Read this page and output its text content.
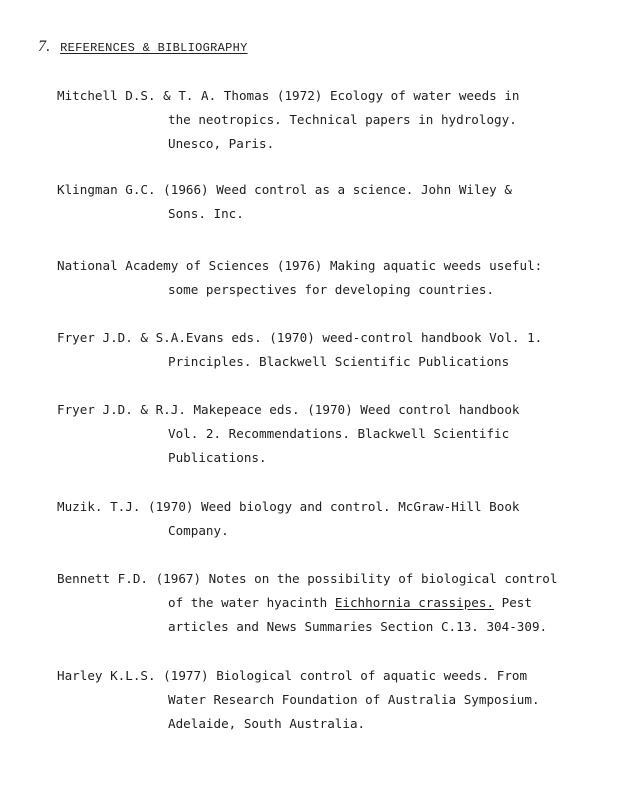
7. REFERENCES & BIBLIOGRAPHY
Mitchell D.S. & T. A. Thomas (1972) Ecology of water weeds in
the neotropics. Technical papers in hydrology.
Unesco, Paris.
Klingman G.C. (1966) Weed control as a science. John Wiley &
Sons. Inc.
National Academy of Sciences (1976) Making aquatic weeds useful:
some perspectives for developing countries.
Fryer J.D. & S.A.Evans eds. (1970) weed-control handbook Vol. 1.
Principles. Blackwell Scientific Publications
Fryer J.D. & R.J. Makepeace eds. (1970) Weed control handbook
Vol. 2. Recommendations. Blackwell Scientific
Publications.
Muzik. T.J. (1970) Weed biology and control. McGraw-Hill Book
Company.
Bennett F.D. (1967) Notes on the possibility of biological control
of the water hyacinth Eichhornia crassipes. Pest
articles and News Summaries Section C.13. 304-309.
Harley K.L.S. (1977) Biological control of aquatic weeds. From
Water Research Foundation of Australia Symposium.
Adelaide, South Australia.
